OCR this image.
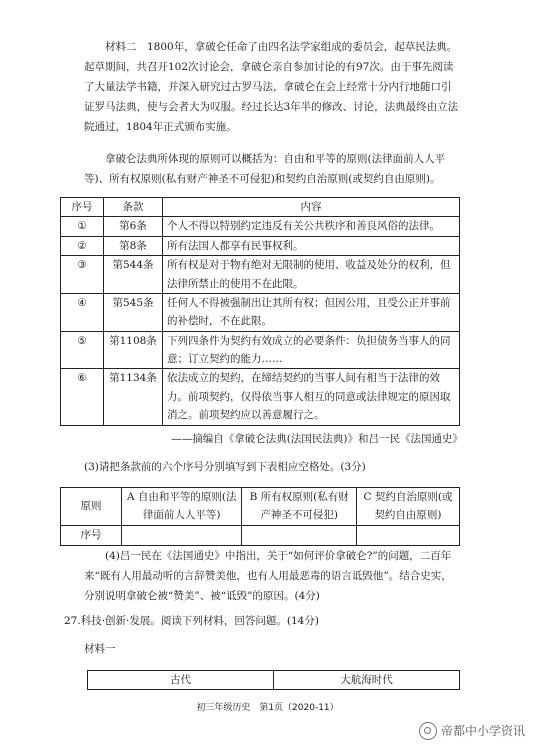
材料二　1800年，拿破仑任命了由四名法学家组成的委员会，起草民法典。起草期间，共召开102次讨论会，拿破仑亲自参加讨论的有97次。由于事先阅读了大量法学书籍，并深入研究过古罗马法，拿破仑在会上经常十分内行地随口引证罗马法典，使与会者大为叹服。经过长达3年半的修改、讨论，法典最终由立法院通过，1804年正式颁布实施。

拿破仑法典所体现的原则可以概括为：自由和平等的原则(法律面前人人平等)、所有权原则(私有财产神圣不可侵犯)和契约自治原则(或契约自由原则)。

序号	条款	内容
①	第6条	个人不得以特别约定违反有关公共秩序和善良风俗的法律。
②	第8条	所有法国人都享有民事权利。
③	第544条	所有权是对于物有绝对无限制的使用、收益及处分的权利，但法律所禁止的使用不在此限。
④	第545条	任何人不得被强制出让其所有权；但因公用，且受公正并事前的补偿时，不在此限。
⑤	第1108条	下列四条件为契约有效成立的必要条件：负担债务当事人的同意；订立契约的能力……
⑥	第1134条	依法成立的契约，在缔结契约的当事人间有相当于法律的效力。前项契约，仅得依当事人相互的同意或法律规定的原因取消之。前项契约应以善意履行之。
——摘编自《拿破仑法典(法国民法典)》和吕一民《法国通史》

(3)请把条款前的六个序号分别填写到下表相应空格处。(3分)

原则	A 自由和平等的原则(法律面前人人平等)	B 所有权原则(私有财产神圣不可侵犯)	C 契约自治原则(或契约自由原则)
序号			

(4)吕一民在《法国通史》中指出，关于“如何评价拿破仑?”的问题，二百年来“既有人用最动听的言辞赞美他，也有人用最恶毒的语言诋毁他”。结合史实，分别说明拿破仑被“赞美”、被“诋毁”的原因。(4分)

27.科技·创新·发展。阅读下列材料，回答问题。(14分)

材料一

古代	大航海时代
初三年级历史　第1页（2020-11）
帝都中小学资讯
